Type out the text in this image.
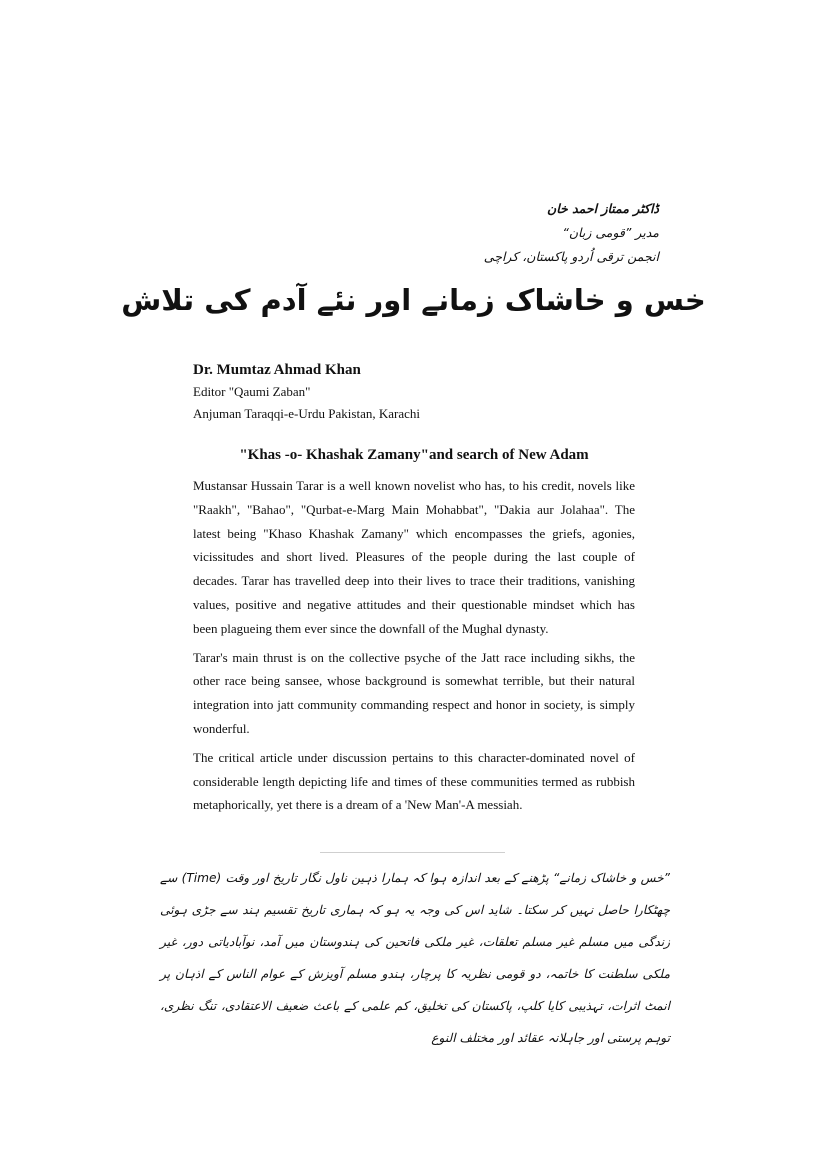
ڈاکٹر ممتاز احمد خان
مدیر ”قومی زبان“
انجمن ترقی اُردو پاکستان، کراچی
خس و خاشاک زمانے اور نئے آدم کی تلاش
Dr. Mumtaz Ahmad Khan
Editor "Qaumi Zaban"
Anjuman Taraqqi-e-Urdu Pakistan, Karachi
"Khas -o- Khashak Zamany"and search of New Adam

Mustansar Hussain Tarar is a well known novelist who has, to his credit, novels like "Raakh", "Bahao", "Qurbat-e-Marg Main Mohabbat", "Dakia aur Jolahaa". The latest being "Khaso Khashak Zamany" which encompasses the griefs, agonies, vicissitudes and short lived. Pleasures of the people during the last couple of decades. Tarar has travelled deep into their lives to trace their traditions, vanishing values, positive and negative attitudes and their questionable mindset which has been plagueing them ever since the downfall of the Mughal dynasty.

Tarar's main thrust is on the collective psyche of the Jatt race including sikhs, the other race being sansee, whose background is somewhat terrible, but their natural integration into jatt community commanding respect and honor in society, is simply wonderful.

The critical article under discussion pertains to this character-dominated novel of considerable length depicting life and times of these communities termed as rubbish metaphorically, yet there is a dream of a 'New Man'-A messiah.

”خس و خاشاک زمانے“ پڑھنے کے بعد اندازہ ہوا کہ ہمارا ذہین ناول نگار تاریخ اور وقت (Time) سے چھٹکارا حاصل نہیں کر سکتا۔ شاید اس کی وجہ یہ ہو کہ ہماری تاریخ تقسیم ہند سے جڑی ہوئی زندگی میں مسلم غیر مسلم تعلقات، غیر ملکی فاتحین کی ہندوستان میں آمد، نوآبادیاتی دور، غیر ملکی سلطنت کا خاتمہ، دو قومی نظریہ کا پرچار، ہندو مسلم آویزش کے عوام الناس کے اذہان پر انمٹ اثرات، تہذیبی کایا کلپ، پاکستان کی تخلیق، کم علمی کے باعث ضعیف الاعتقادی، تنگ نظری، توہم پرستی اور جاہلانہ عقائد اور مختلف النوع
